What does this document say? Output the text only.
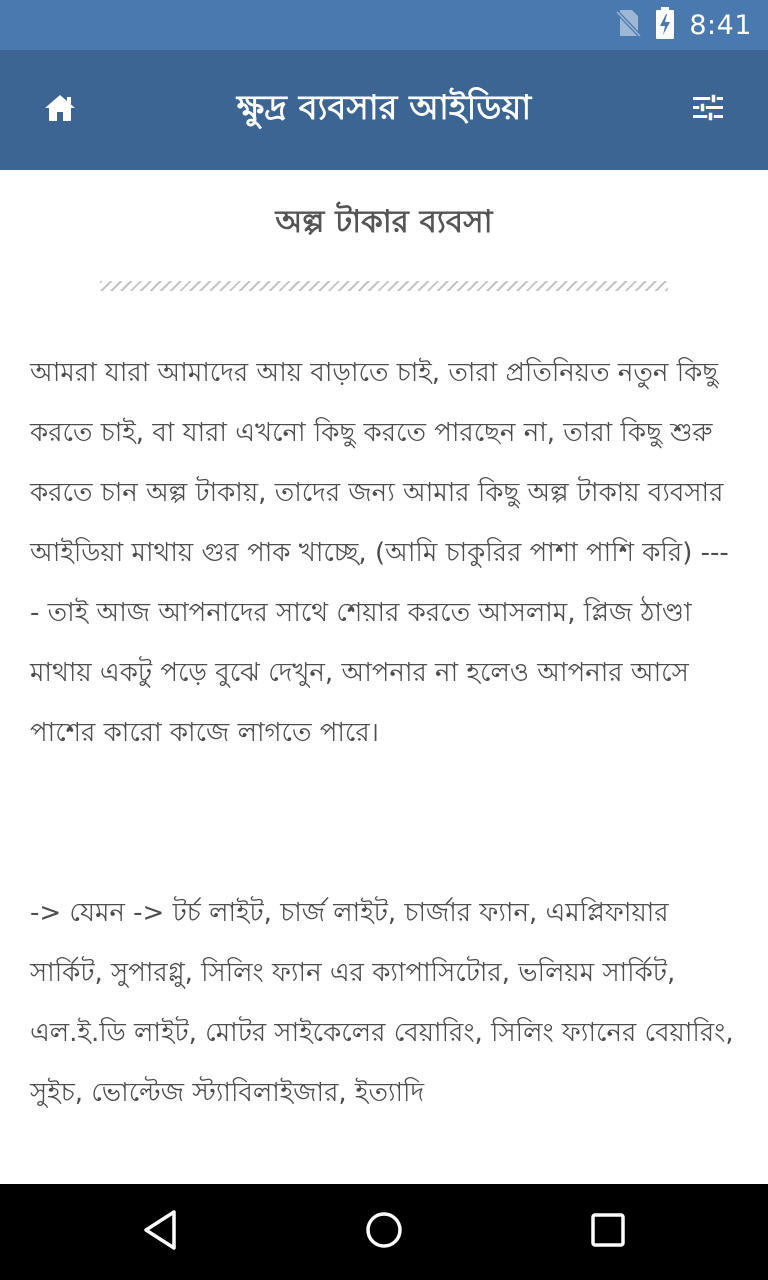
8:41
ক্ষুদ্র ব্যবসার আইডিয়া
অল্প টাকার ব্যবসা

আমরা যারা আমাদের আয় বাড়াতে চাই, তারা প্রতিনিয়ত নতুন কিছু করতে চাই, বা যারা এখনো কিছু করতে পারছেন না, তারা কিছু শুরু করতে চান অল্প টাকায়, তাদের জন্য আমার কিছু অল্প টাকায় ব্যবসার আইডিয়া মাথায় গুর পাক খাচ্ছে, (আমি চাকুরির পাশা পাশি করি) ---- তাই আজ আপনাদের সাথে শেয়ার করতে আসলাম, প্লিজ ঠাণ্ডা মাথায় একটু পড়ে বুঝে দেখুন, আপনার না হলেও আপনার আসে পাশের কারো কাজে লাগতে পারে।

-> যেমন -> টর্চ লাইট, চার্জ লাইট, চার্জার ফ্যান, এমপ্লিফায়ার সার্কিট, সুপারগ্লু, সিলিং ফ্যান এর ক্যাপাসিটোর, ভলিয়ম সার্কিট, এল.ই.ডি লাইট, মোটর সাইকেলের বেয়ারিং, সিলিং ফ্যানের বেয়ারিং, সুইচ, ভোল্টেজ স্ট্যাবিলাইজার, ইত্যাদি
